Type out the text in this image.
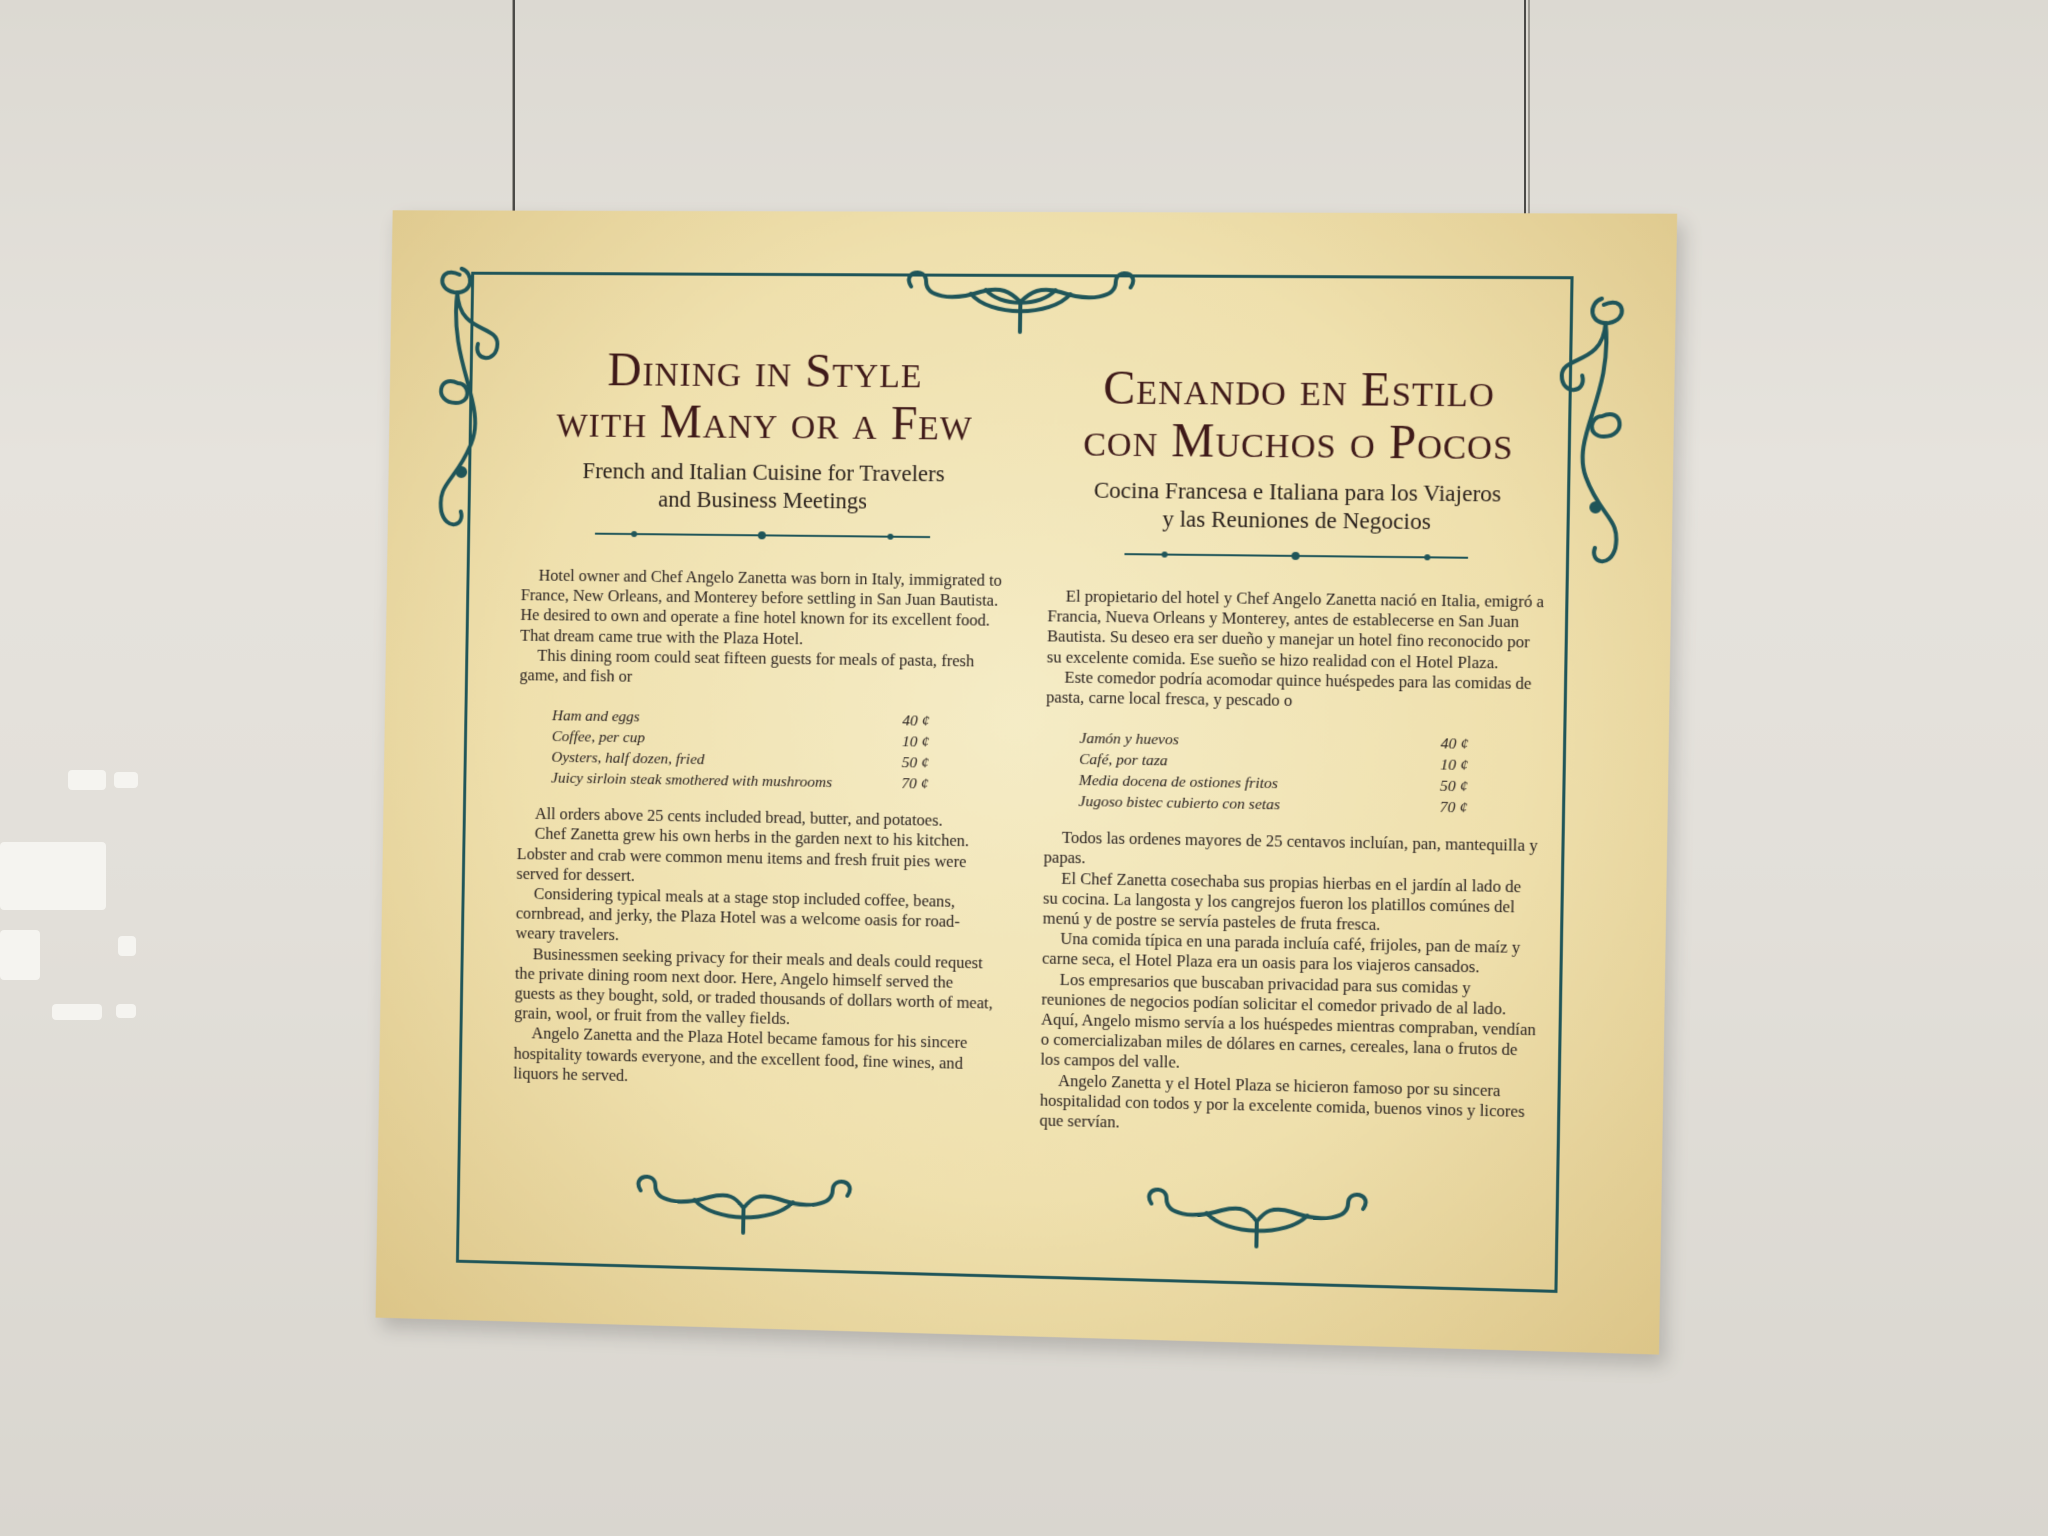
Dining in Style
with Many or a Few
French and Italian Cuisine for Travelers
and Business Meetings

Hotel owner and Chef Angelo Zanetta was born in Italy, immigrated to France, New Orleans, and Monterey before settling in San Juan Bautista. He desired to own and operate a fine hotel known for its excellent food. That dream came true with the Plaza Hotel.

This dining room could seat fifteen guests for meals of pasta, fresh game, and fish or

Ham and eggs	40 ¢
Coffee, per cup	10 ¢
Oysters, half dozen, fried	50 ¢
Juicy sirloin steak smothered with mushrooms	70 ¢

All orders above 25 cents included bread, butter, and potatoes.

Chef Zanetta grew his own herbs in the garden next to his kitchen. Lobster and crab were common menu items and fresh fruit pies were served for dessert.

Considering typical meals at a stage stop included coffee, beans, cornbread, and jerky, the Plaza Hotel was a welcome oasis for road-weary travelers.

Businessmen seeking privacy for their meals and deals could request the private dining room next door. Here, Angelo himself served the guests as they bought, sold, or traded thousands of dollars worth of meat, grain, wool, or fruit from the valley fields.

Angelo Zanetta and the Plaza Hotel became famous for his sincere hospitality towards everyone, and the excellent food, fine wines, and liquors he served.

Cenando en Estilo
con Muchos o Pocos
Cocina Francesa e Italiana para los Viajeros
y las Reuniones de Negocios

El propietario del hotel y Chef Angelo Zanetta nació en Italia, emigró a Francia, Nueva Orleans y Monterey, antes de establecerse en San Juan Bautista. Su deseo era ser dueño y manejar un hotel fino reconocido por su excelente comida. Ese sueño se hizo realidad con el Hotel Plaza.

Este comedor podría acomodar quince huéspedes para las comidas de pasta, carne local fresca, y pescado o

Jamón y huevos	40 ¢
Café, por taza	10 ¢
Media docena de ostiones fritos	50 ¢
Jugoso bistec cubierto con setas	70 ¢

Todos las ordenes mayores de 25 centavos incluían, pan, mantequilla y papas.

El Chef Zanetta cosechaba sus propias hierbas en el jardín al lado de su cocina. La langosta y los cangrejos fueron los platillos comúnes del menú y de postre se servía pasteles de fruta fresca.

Una comida típica en una parada incluía café, frijoles, pan de maíz y carne seca, el Hotel Plaza era un oasis para los viajeros cansados.

Los empresarios que buscaban privacidad para sus comidas y reuniones de negocios podían solicitar el comedor privado de al lado. Aquí, Angelo mismo servía a los huéspedes mientras compraban, vendían o comercializaban miles de dólares en carnes, cereales, lana o frutos de los campos del valle.

Angelo Zanetta y el Hotel Plaza se hicieron famoso por su sincera hospitalidad con todos y por la excelente comida, buenos vinos y licores que servían.
